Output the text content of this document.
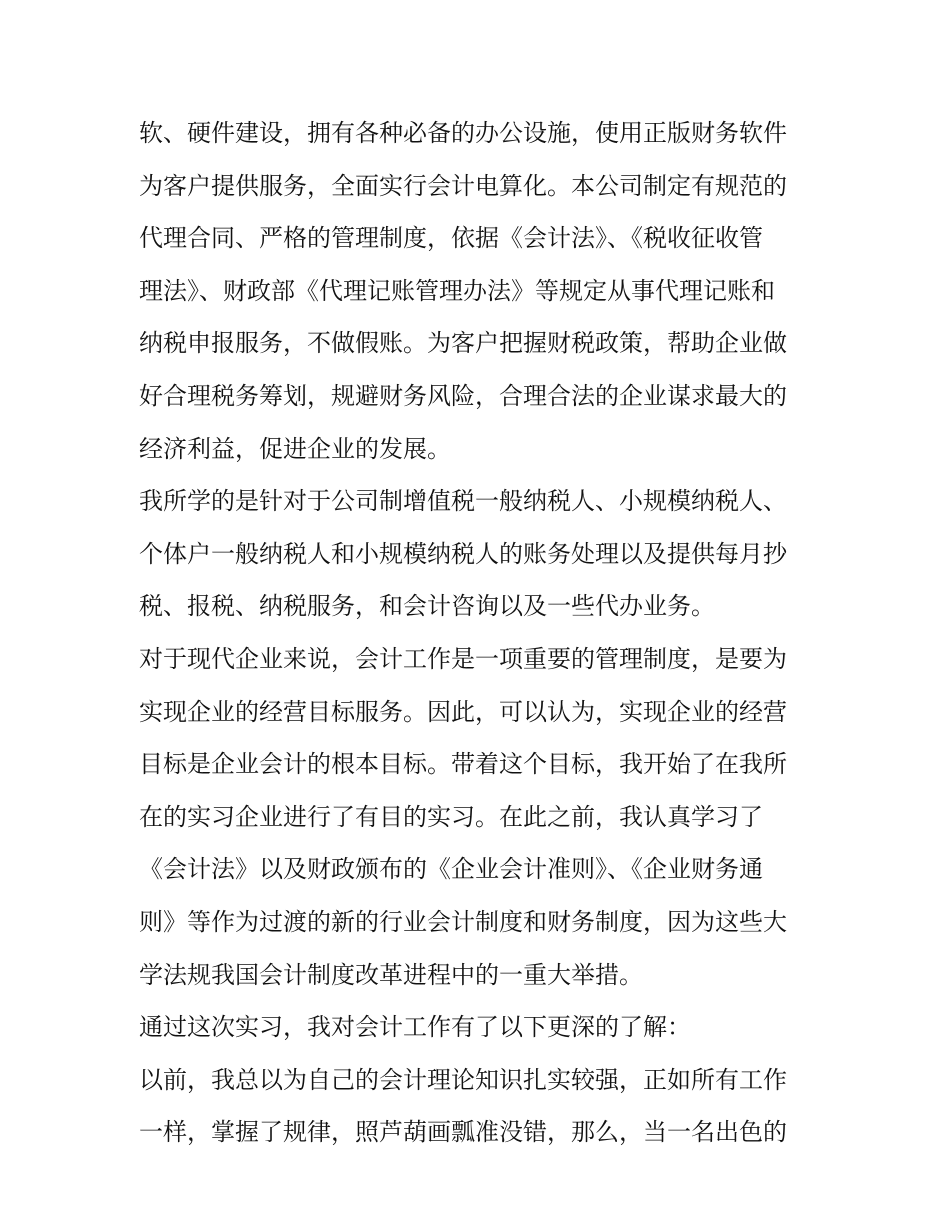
软、硬件建设，拥有各种必备的办公设施，使用正版财务软件
为客户提供服务，全面实行会计电算化。本公司制定有规范的
代理合同、严格的管理制度，依据《会计法》、《税收征收管
理法》、财政部《代理记账管理办法》等规定从事代理记账和
纳税申报服务，不做假账。为客户把握财税政策，帮助企业做
好合理税务筹划，规避财务风险，合理合法的企业谋求最大的
经济利益，促进企业的发展。
我所学的是针对于公司制增值税一般纳税人、小规模纳税人、
个体户一般纳税人和小规模纳税人的账务处理以及提供每月抄
税、报税、纳税服务，和会计咨询以及一些代办业务。
对于现代企业来说，会计工作是一项重要的管理制度，是要为
实现企业的经营目标服务。因此，可以认为，实现企业的经营
目标是企业会计的根本目标。带着这个目标，我开始了在我所
在的实习企业进行了有目的实习。在此之前，我认真学习了
《会计法》以及财政颁布的《企业会计准则》、《企业财务通
则》等作为过渡的新的行业会计制度和财务制度，因为这些大
学法规我国会计制度改革进程中的一重大举措。
通过这次实习，我对会计工作有了以下更深的了解：
以前，我总以为自己的会计理论知识扎实较强，正如所有工作
一样，掌握了规律，照芦葫画瓢准没错，那么，当一名出色的
